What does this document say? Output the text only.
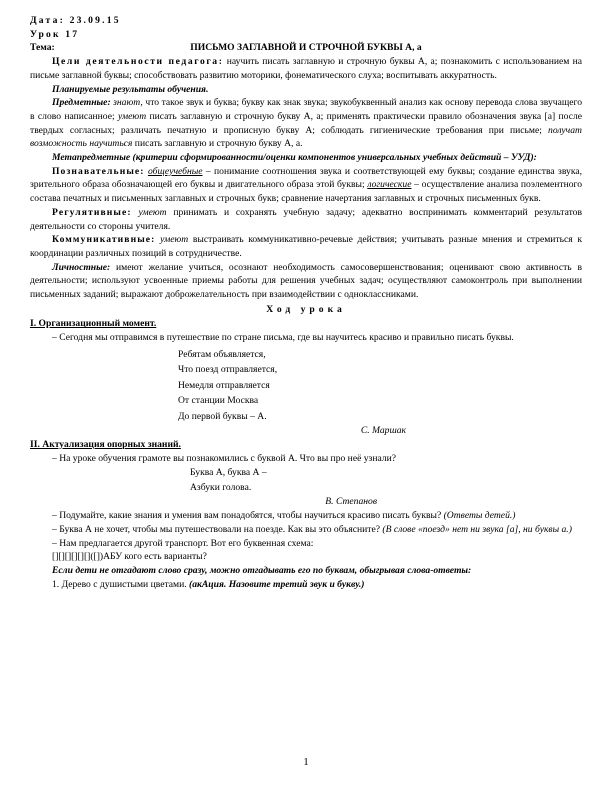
Дата: 23.09.15
Урок 17
Тема:	ПИСЬМО ЗАГЛАВНОЙ И СТРОЧНОЙ БУКВЫ А, а

Цели деятельности педагога: научить писать заглавную и строчную буквы А, а; познакомить с использованием на письме заглавной буквы; способствовать развитию моторики, фонематического слуха; воспитывать аккуратность.

Планируемые результаты обучения.

Предметные: знают, что такое звук и буква; букву как знак звука; звукобуквенный анализ как основу перевода слова звучащего в слово написанное; умеют писать заглавную и строчную букву А, а; применять практически правило обозначения звука [а] после твердых согласных; различать печатную и прописную букву А; соблюдать гигиенические требования при письме; получат возможность научиться писать заглавную и строчную букву А, а.

Метапредметные (критерии сформированности/оценки компонентов универсальных учебных действий – УУД):

Познавательные: общеучебные – понимание соотношения звука и соответствующей ему буквы; создание единства звука, зрительного образа обозначающей его буквы и двигательного образа этой буквы; логические – осуществление анализа поэлементного состава печатных и письменных заглавных и строчных букв; сравнение начертания заглавных и строчных письменных букв.

Регулятивные: умеют принимать и сохранять учебную задачу; адекватно воспринимать комментарий результатов деятельности со стороны учителя.

Коммуникативные: умеют выстраивать коммуникативно-речевые действия; учитывать разные мнения и стремиться к координации различных позиций в сотрудничестве.

Личностные: имеют желание учиться, осознают необходимость самосовершенствования; оценивают свою активность в деятельности; используют усвоенные приемы работы для решения учебных задач; осуществляют самоконтроль при выполнении письменных заданий; выражают доброжелательность при взаимодействии с одноклассниками.

Ход урока

I. Организационный момент.

– Сегодня мы отправимся в путешествие по стране письма, где вы научитесь красиво и правильно писать буквы.

Ребятам объявляется,
Что поезд отправляется,
Немедля отправляется
От станции Москва
До первой буквы – А.
С. Маршак

II. Актуализация опорных знаний.

– На уроке обучения грамоте вы познакомились с буквой А. Что вы про неё узнали?

Буква А, буква А –
Азбуки голова.
В. Степанов

– Подумайте, какие знания и умения вам понадобятся, чтобы научиться красиво писать буквы? (Ответы детей.)

– Буква А не хочет, чтобы мы путешествовали на поезде. Как вы это объясните? (В слове «поезд» нет ни звука [а], ни буквы а.)

– Нам предлагается другой транспорт. Вот его буквенная схема:

[][][][][][]([])АБУ кого есть варианты?

Если дети не отгадают слово сразу, можно отгадывать его по буквам, обыгрывая слова-ответы:

1. Дерево с душистыми цветами. (акАция. Назовите третий звук и букву.)

1
